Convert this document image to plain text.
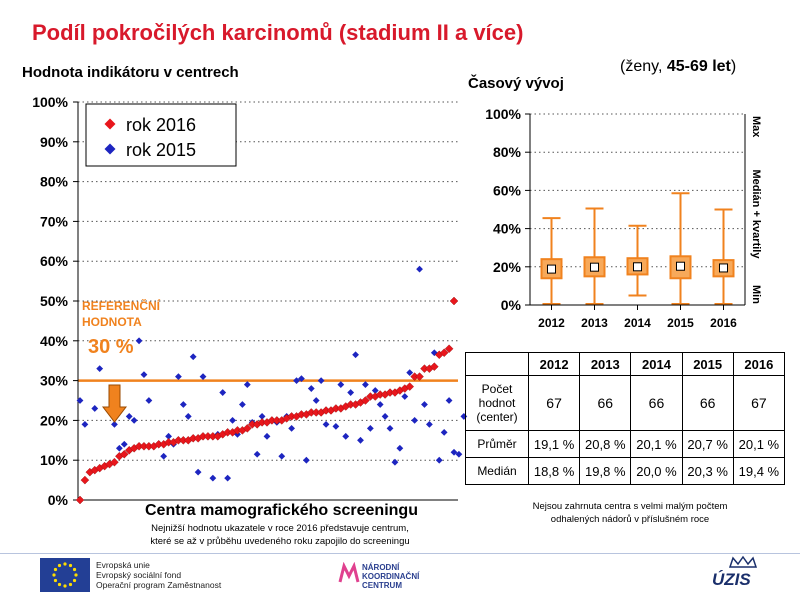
Podíl pokročilých karcinomů (stadium II a více)
Hodnota indikátoru v centrech	(ženy, 45-69 let)
Časový vývoj
0%
10%
20%
30%
40%
50%
60%
70%
80%
90%
100%
rok 2016
rok 2015
REFERENČNÍ
HODNOTA
30 %
Centra mamografického screeningu
Nejnižší hodnotu ukazatele v roce 2016 představuje centrum,
které se až v průběhu uvedeného roku zapojilo do screeningu
0%
20%
40%
60%
80%
100%
2012 2013 2014 2015 2016
Max
Medián + kvartily
Min
	2012	2013	2014	2015	2016

Počet
hodnot
(center)	67	66	66	66	67
Průměr	19,1 %	20,8 %	20,1 %	20,7 %	20,1 %
Medián	18,8 %	19,8 %	20,0 %	20,3 %	19,4 %
Nejsou zahrnuta centra s velmi malým počtem
odhalených nádorů v příslušném roce
Evropská unie
Evropský sociální fond
Operační program Zaměstnanost
NÁRODNÍ
KOORDINAČNÍ
CENTRUM	ÚZIS
